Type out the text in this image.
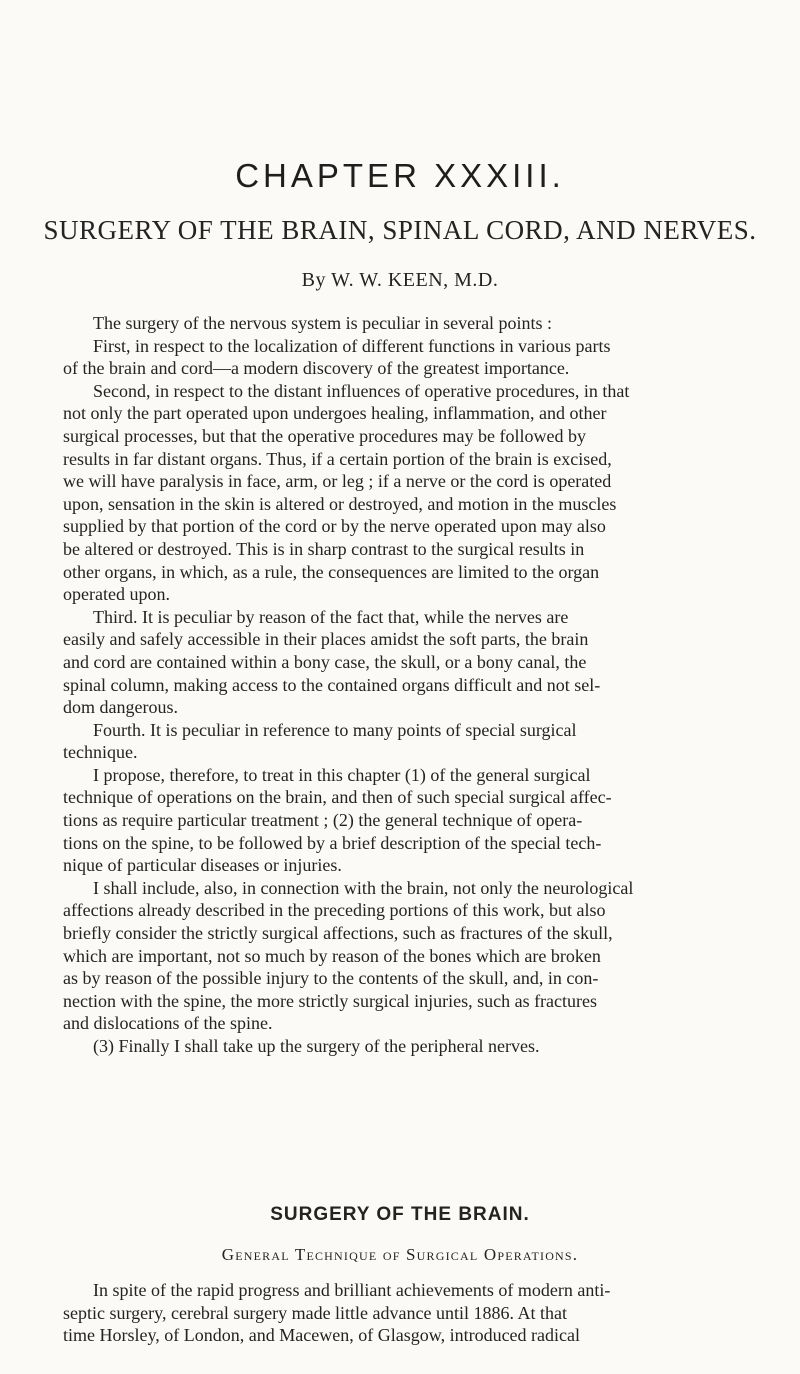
CHAPTER XXXIII.
SURGERY OF THE BRAIN, SPINAL CORD, AND NERVES.
By W. W. KEEN, M.D.
The surgery of the nervous system is peculiar in several points :
First, in respect to the localization of different functions in various parts
of the brain and cord—a modern discovery of the greatest importance.
Second, in respect to the distant influences of operative procedures, in that
not only the part operated upon undergoes healing, inflammation, and other
surgical processes, but that the operative procedures may be followed by
results in far distant organs. Thus, if a certain portion of the brain is excised,
we will have paralysis in face, arm, or leg ; if a nerve or the cord is operated
upon, sensation in the skin is altered or destroyed, and motion in the muscles
supplied by that portion of the cord or by the nerve operated upon may also
be altered or destroyed. This is in sharp contrast to the surgical results in
other organs, in which, as a rule, the consequences are limited to the organ
operated upon.
Third. It is peculiar by reason of the fact that, while the nerves are
easily and safely accessible in their places amidst the soft parts, the brain
and cord are contained within a bony case, the skull, or a bony canal, the
spinal column, making access to the contained organs difficult and not sel-
dom dangerous.
Fourth. It is peculiar in reference to many points of special surgical
technique.
I propose, therefore, to treat in this chapter (1) of the general surgical
technique of operations on the brain, and then of such special surgical affec-
tions as require particular treatment ; (2) the general technique of opera-
tions on the spine, to be followed by a brief description of the special tech-
nique of particular diseases or injuries.
I shall include, also, in connection with the brain, not only the neurological
affections already described in the preceding portions of this work, but also
briefly consider the strictly surgical affections, such as fractures of the skull,
which are important, not so much by reason of the bones which are broken
as by reason of the possible injury to the contents of the skull, and, in con-
nection with the spine, the more strictly surgical injuries, such as fractures
and dislocations of the spine.
(3) Finally I shall take up the surgery of the peripheral nerves.
SURGERY OF THE BRAIN.
General Technique of Surgical Operations.
In spite of the rapid progress and brilliant achievements of modern anti-
septic surgery, cerebral surgery made little advance until 1886. At that
time Horsley, of London, and Macewen, of Glasgow, introduced radical
